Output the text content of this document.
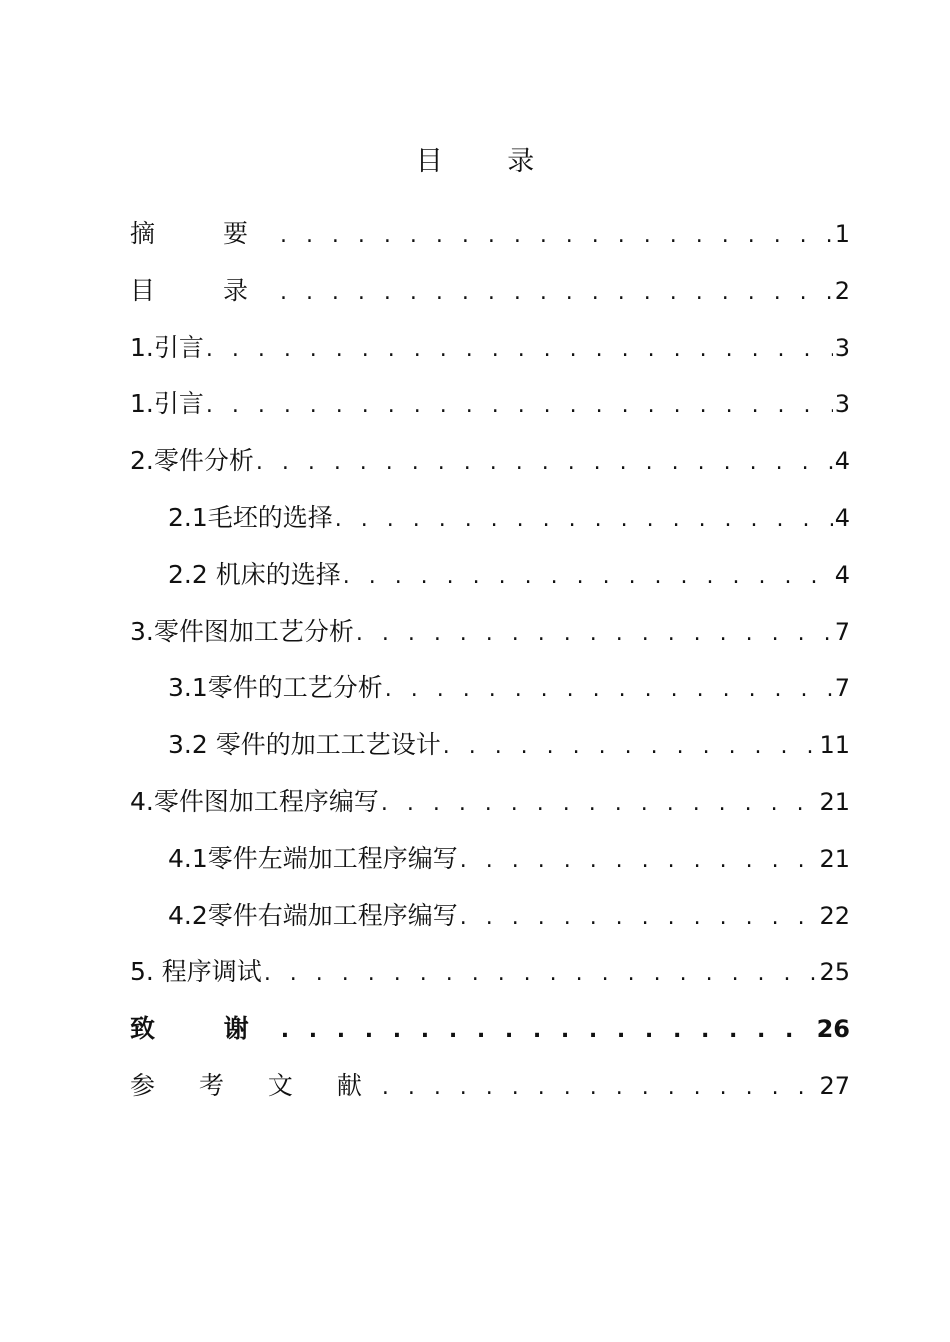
目 录
摘 要 . . .	1
目 录 . . .	2
1.引言 . . .	3
1.引言 . . .	3
2.零件分析 . . .	4
2.1毛坯的选择 . . .	4
2.2 机床的选择 . . .	4
3.零件图加工艺分析 . . .	7
3.1零件的工艺分析 . . .	7
3.2 零件的加工工艺设计 . . .	11
4.零件图加工程序编写 . . .	21
4.1零件左端加工程序编写 . . .	21
4.2零件右端加工程序编写 . . .	22
5. 程序调试 . . .	25
致 谢 . . .	26
参 考 文 献 . . .	27
